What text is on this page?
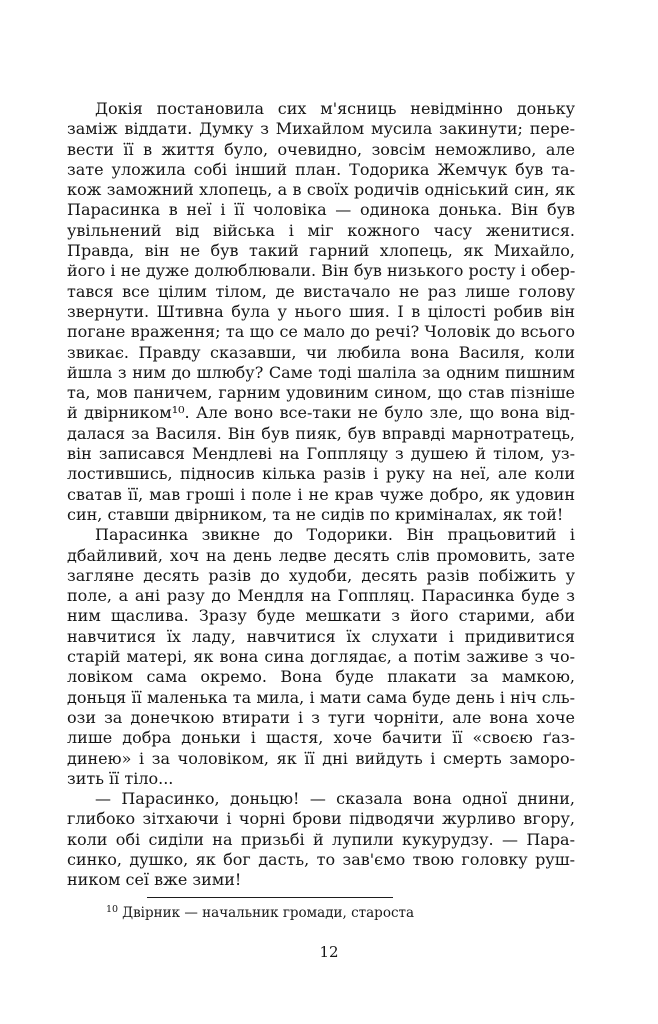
Докія постановила сих м'ясниць невідмінно доньку
заміж віддати. Думку з Михайлом мусила закинути; пере-
вести її в життя було, очевидно, зовсім неможливо, але
зате уложила собі інший план. Тодорика Жемчук був та-
кож заможний хлопець, а в своїх родичів одніський син, як
Парасинка в неї і її чоловіка — одинока донька. Він був
увільнений від війська і міг кожного часу женитися.
Правда, він не був такий гарний хлопець, як Михайло,
його і не дуже долюблювали. Він був низького росту і обер-
тався все цілим тілом, де вистачало не раз лише голову
звернути. Штивна була у нього шия. І в цілості робив він
погане враження; та що се мало до речі? Чоловік до всього
звикає. Правду сказавши, чи любила вона Василя, коли
йшла з ним до шлюбу? Саме тоді шаліла за одним пишним
та, мов паничем, гарним удовиним сином, що став пізніше
й двірником¹⁰. Але воно все-таки не було зле, що вона від-
далася за Василя. Він був пияк, був вправді марнотратець,
він записався Мендлеві на Гоппляцу з душею й тілом, уз-
лостившись, підносив кілька разів і руку на неї, але коли
сватав її, мав гроші і поле і не крав чуже добро, як удовин
син, ставши двірником, та не сидів по криміналах, як той!
Парасинка звикне до Тодорики. Він працьовитий і
дбайливий, хоч на день ледве десять слів промовить, зате
загляне десять разів до худоби, десять разів побіжить у
поле, а ані разу до Мендля на Гоппляц. Парасинка буде з
ним щаслива. Зразу буде мешкати з його старими, аби
навчитися їх ладу, навчитися їх слухати і придивитися
старій матері, як вона сина доглядає, а потім заживе з чо-
ловіком сама окремо. Вона буде плакати за мамкою,
доньця її маленька та мила, і мати сама буде день і ніч сль-
ози за донечкою втирати і з туги чорніти, але вона хоче
лише добра доньки і щастя, хоче бачити її «своєю ґаз-
динею» і за чоловіком, як її дні вийдуть і смерть заморо-
зить її тіло...
— Парасинко, доньцю! — сказала вона одної днини,
глибоко зітхаючи і чорні брови підводячи журливо вгору,
коли обі сиділи на призьбі й лупили кукурудзу. — Пара-
синко, душко, як бог дасть, то зав'ємо твою головку руш-
ником сеї вже зими!
$^{10}$ Двірник — начальник громади, староста
12
